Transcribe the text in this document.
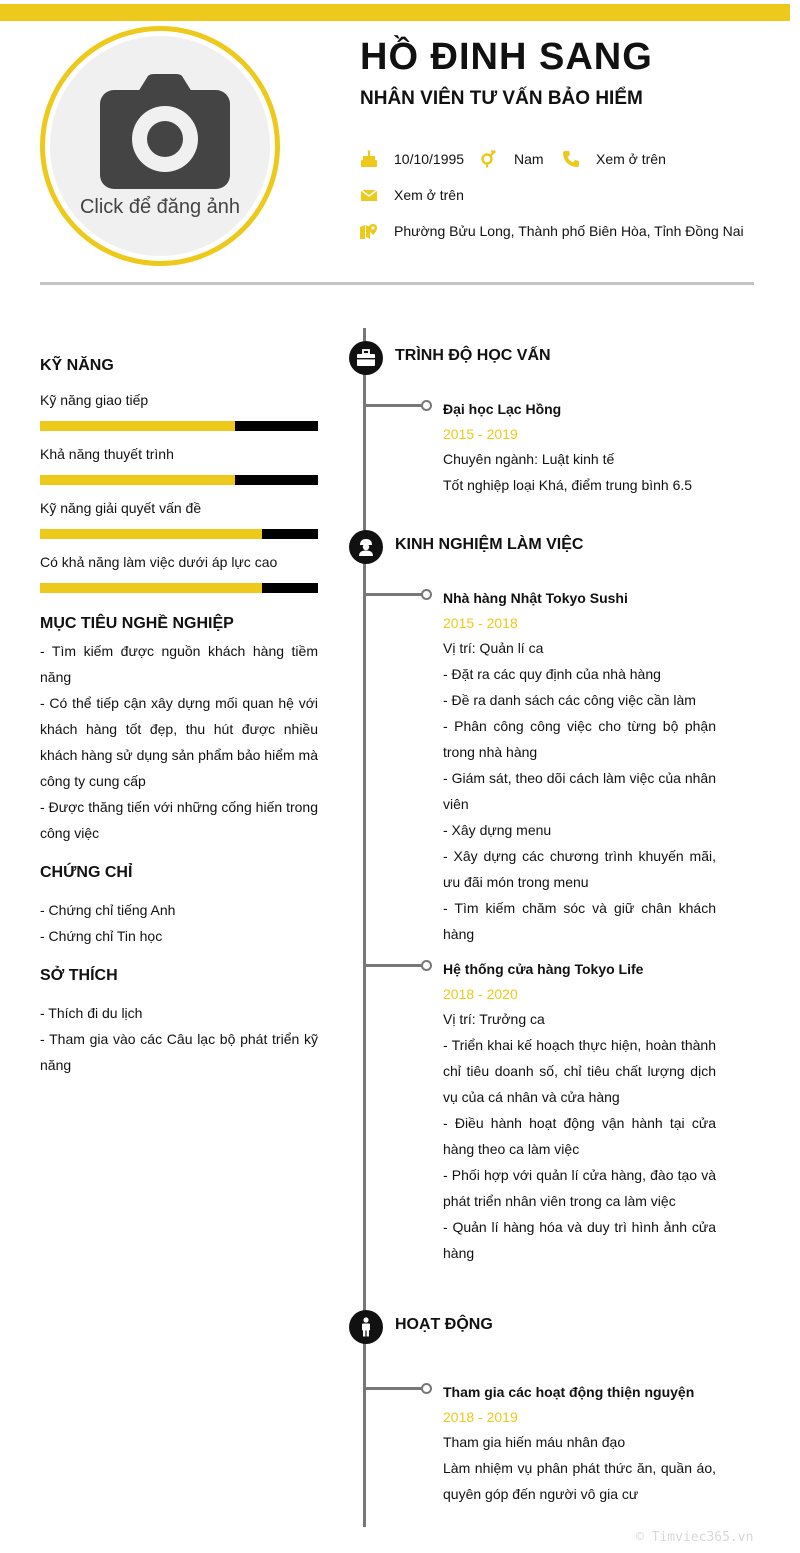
Click để đăng ảnh
HỒ ĐINH SANG
NHÂN VIÊN TƯ VẤN BẢO HIỂM
10/10/1995	Nam	Xem ở trên
Xem ở trên
Phường Bửu Long, Thành phố Biên Hòa, Tỉnh Đồng Nai
KỸ NĂNG
Kỹ năng giao tiếp
Khả năng thuyết trình
Kỹ năng giải quyết vấn đề
Có khả năng làm việc dưới áp lực cao
MỤC TIÊU NGHỀ NGHIỆP

- Tìm kiếm được nguồn khách hàng tiềm năng

- Có thể tiếp cận xây dựng mối quan hệ với khách hàng tốt đẹp, thu hút được nhiều khách hàng sử dụng sản phẩm bảo hiểm mà công ty cung cấp

- Được thăng tiến với những cống hiến trong công việc

CHỨNG CHỈ

- Chứng chỉ tiếng Anh

- Chứng chỉ Tin học

SỞ THÍCH

- Thích đi du lịch

- Tham gia vào các Câu lạc bộ phát triển kỹ năng

TRÌNH ĐỘ HỌC VẤN
Đại học Lạc Hồng
2015 - 2019
Chuyên ngành: Luật kinh tế
Tốt nghiệp loại Khá, điểm trung bình 6.5
KINH NGHIỆM LÀM VIỆC
Nhà hàng Nhật Tokyo Sushi
2015 - 2018
Vị trí: Quản lí ca
- Đặt ra các quy định của nhà hàng
- Đề ra danh sách các công việc cần làm
- Phân công công việc cho từng bộ phận trong nhà hàng
- Giám sát, theo dõi cách làm việc của nhân viên
- Xây dựng menu
- Xây dựng các chương trình khuyến mãi, ưu đãi món trong menu
- Tìm kiếm chăm sóc và giữ chân khách hàng
Hệ thống cửa hàng Tokyo Life
2018 - 2020
Vị trí: Trưởng ca
- Triển khai kế hoạch thực hiện, hoàn thành chỉ tiêu doanh số, chỉ tiêu chất lượng dịch vụ của cá nhân và cửa hàng
- Điều hành hoạt động vận hành tại cửa hàng theo ca làm việc
- Phối hợp với quản lí cửa hàng, đào tạo và phát triển nhân viên trong ca làm việc
- Quản lí hàng hóa và duy trì hình ảnh cửa hàng
HOẠT ĐỘNG
Tham gia các hoạt động thiện nguyện
2018 - 2019
Tham gia hiến máu nhân đạo
Làm nhiệm vụ phân phát thức ăn, quần áo, quyên góp đến người vô gia cư
© Timviec365.vn
